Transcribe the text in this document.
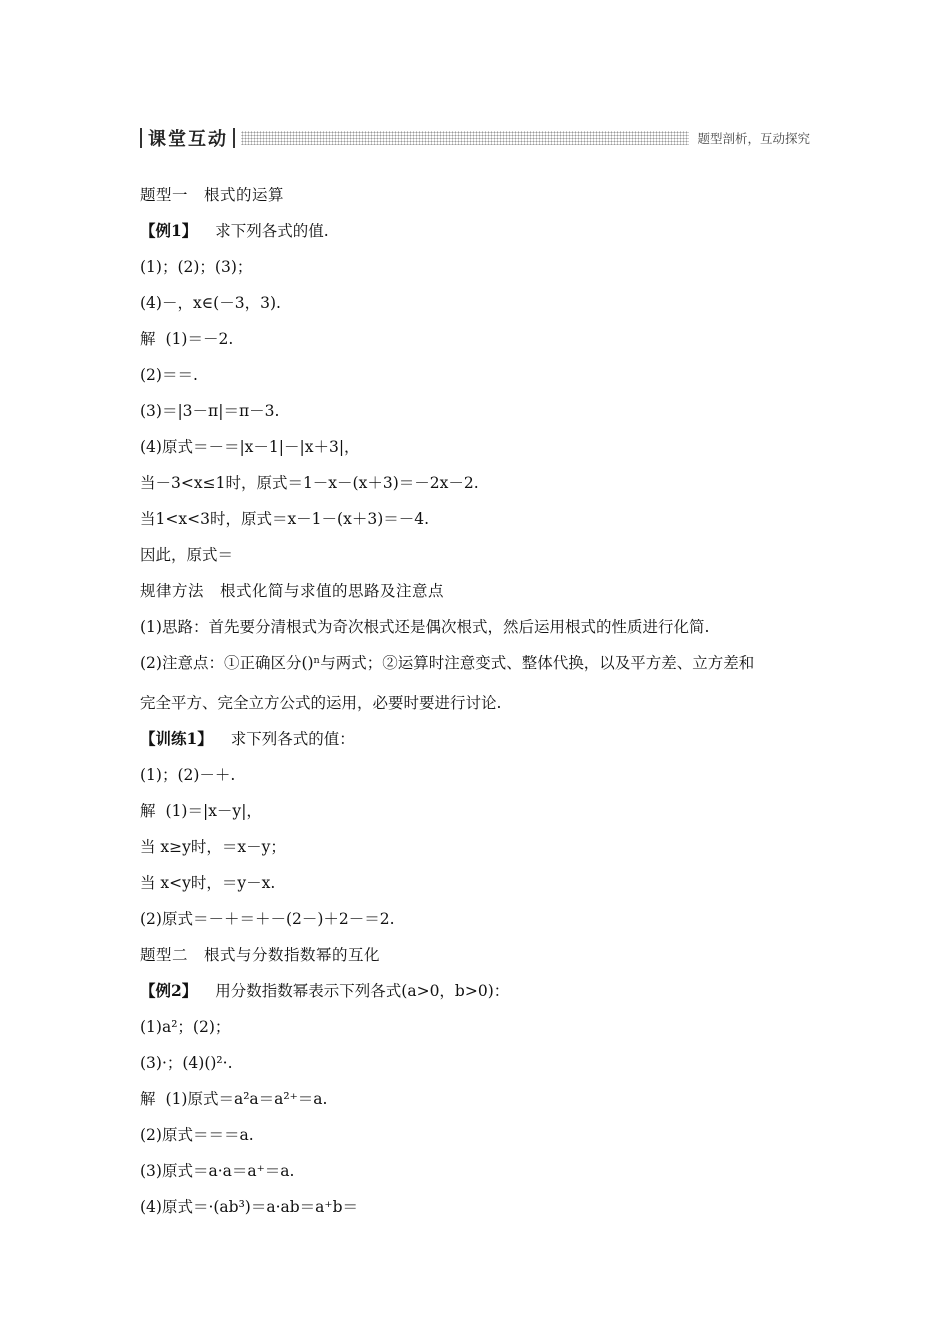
课堂互动	题型剖析，互动探究
题型一　根式的运算
【例1】 求下列各式的值.
(1)；(2)；(3)；
(4)－，x∈(－3，3).
解 (1)＝－2.
(2)＝＝.
(3)＝|3－π|＝π－3.
(4)原式＝－＝|x－1|－|x＋3|，
当－3<x≤1时，原式＝1－x－(x＋3)＝－2x－2.
当1<x<3时，原式＝x－1－(x＋3)＝－4.
因此，原式＝
规律方法　根式化简与求值的思路及注意点
(1)思路：首先要分清根式为奇次根式还是偶次根式，然后运用根式的性质进行化简.
(2)注意点：①正确区分()ⁿ与两式；②运算时注意变式、整体代换，以及平方差、立方差和
完全平方、完全立方公式的运用，必要时要进行讨论.
【训练1】 求下列各式的值：
(1)；(2)－＋.
解 (1)＝|x－y|，
当 x≥y时，＝x－y；
当 x<y时，＝y－x.
(2)原式＝－＋＝＋－(2－)＋2－＝2.
题型二　根式与分数指数幂的互化
【例2】 用分数指数幂表示下列各式(a>0，b>0)：
(1)a²；(2)；
(3)·；(4)()²·.
解 (1)原式＝a²a＝a²⁺＝a.
(2)原式＝＝＝a.
(3)原式＝a·a＝a⁺＝a.
(4)原式＝·(ab³)＝a·ab＝a⁺b＝
